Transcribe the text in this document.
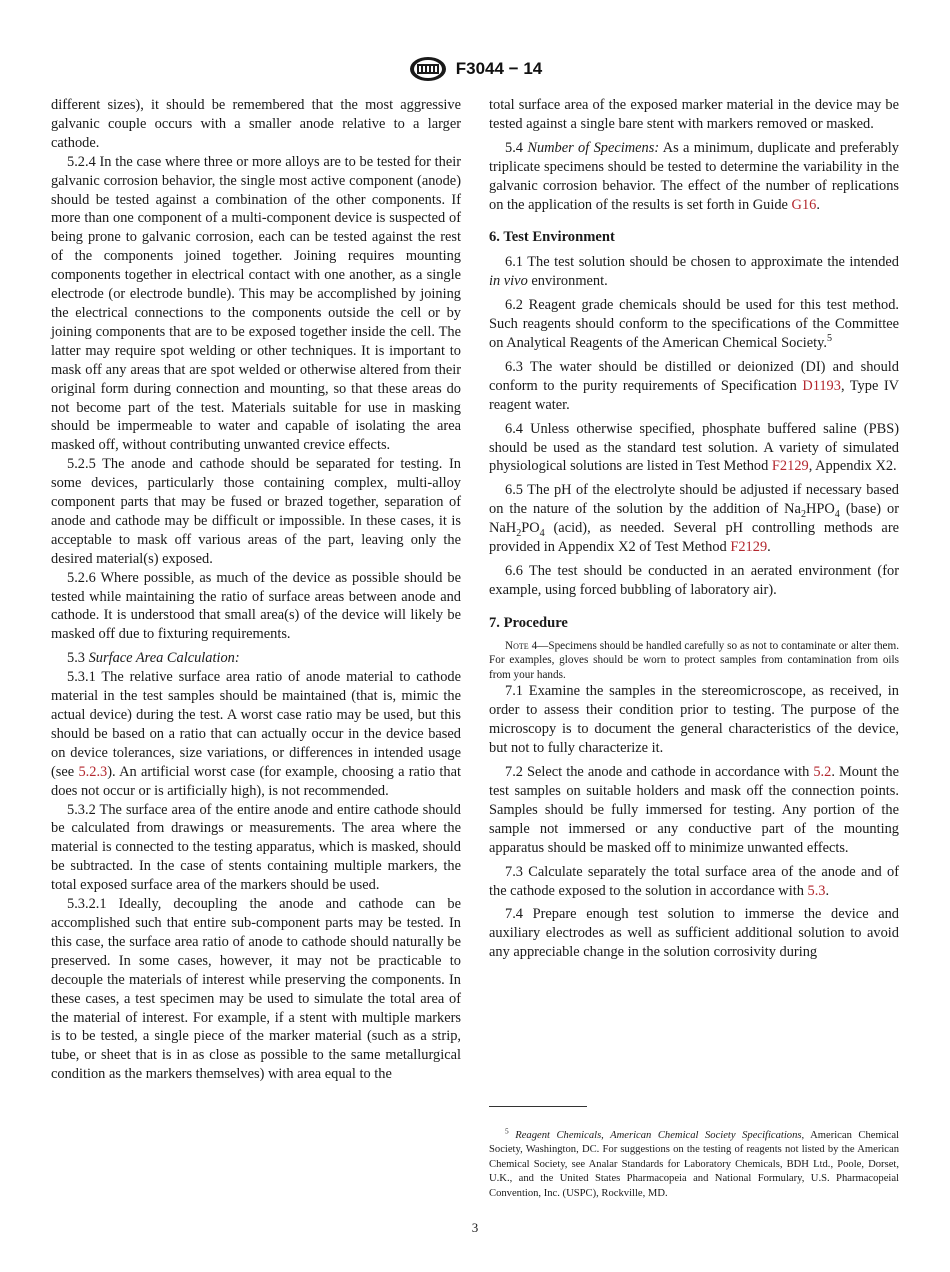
F3044 − 14

different sizes), it should be remembered that the most aggressive galvanic couple occurs with a smaller anode relative to a larger cathode.

5.2.4 In the case where three or more alloys are to be tested for their galvanic corrosion behavior, the single most active component (anode) should be tested against a combination of the other components. If more than one component of a multi-component device is suspected of being prone to galvanic corrosion, each can be tested against the rest of the components joined together. Joining requires mounting components together in electrical contact with one another, as a single electrode (or electrode bundle). This may be accomplished by joining the electrical connections to the components outside the cell or by joining components that are to be exposed together inside the cell. The latter may require spot welding or other techniques. It is important to mask off any areas that are spot welded or otherwise altered from their original form during connection and mounting, so that these areas do not become part of the test. Materials suitable for use in masking should be impermeable to water and capable of isolating the area masked off, without contributing unwanted crevice effects.

5.2.5 The anode and cathode should be separated for testing. In some devices, particularly those containing complex, multi-alloy component parts that may be fused or brazed together, separation of anode and cathode may be difficult or impossible. In these cases, it is acceptable to mask off various areas of the part, leaving only the desired material(s) exposed.

5.2.6 Where possible, as much of the device as possible should be tested while maintaining the ratio of surface areas between anode and cathode. It is understood that small area(s) of the device will likely be masked off due to fixturing requirements.

5.3 Surface Area Calculation:

5.3.1 The relative surface area ratio of anode material to cathode material in the test samples should be maintained (that is, mimic the actual device) during the test. A worst case ratio may be used, but this should be based on a ratio that can actually occur in the device based on device tolerances, size variations, or differences in intended usage (see 5.2.3). An artificial worst case (for example, choosing a ratio that does not occur or is artificially high), is not recommended.

5.3.2 The surface area of the entire anode and entire cathode should be calculated from drawings or measurements. The area where the material is connected to the testing apparatus, which is masked, should be subtracted. In the case of stents containing multiple markers, the total exposed surface area of the markers should be used.

5.3.2.1 Ideally, decoupling the anode and cathode can be accomplished such that entire sub-component parts may be tested. In this case, the surface area ratio of anode to cathode should naturally be preserved. In some cases, however, it may not be practicable to decouple the materials of interest while preserving the components. In these cases, a test specimen may be used to simulate the total area of the material of interest. For example, if a stent with multiple markers is to be tested, a single piece of the marker material (such as a strip, tube, or sheet that is in as close as possible to the same metallurgical condition as the markers themselves) with area equal to the

total surface area of the exposed marker material in the device may be tested against a single bare stent with markers removed or masked.

5.4 Number of Specimens: As a minimum, duplicate and preferably triplicate specimens should be tested to determine the variability in the galvanic corrosion behavior. The effect of the number of replications on the application of the results is set forth in Guide G16.

6. Test Environment

6.1 The test solution should be chosen to approximate the intended in vivo environment.

6.2 Reagent grade chemicals should be used for this test method. Such reagents should conform to the specifications of the Committee on Analytical Reagents of the American Chemical Society.$^5$

6.3 The water should be distilled or deionized (DI) and should conform to the purity requirements of Specification D1193, Type IV reagent water.

6.4 Unless otherwise specified, phosphate buffered saline (PBS) should be used as the standard test solution. A variety of simulated physiological solutions are listed in Test Method F2129, Appendix X2.

6.5 The pH of the electrolyte should be adjusted if necessary based on the nature of the solution by the addition of $Na_2HPO_4$ (base) or $NaH_2PO_4$ (acid), as needed. Several pH controlling methods are provided in Appendix X2 of Test Method F2129.

6.6 The test should be conducted in an aerated environment (for example, using forced bubbling of laboratory air).

7. Procedure

Note 4—Specimens should be handled carefully so as not to contaminate or alter them. For examples, gloves should be worn to protect samples from contamination from oils from your hands.

7.1 Examine the samples in the stereomicroscope, as received, in order to assess their condition prior to testing. The purpose of the microscopy is to document the general characteristics of the device, but not to fully characterize it.

7.2 Select the anode and cathode in accordance with 5.2. Mount the test samples on suitable holders and mask off the connection points. Samples should be fully immersed for testing. Any portion of the sample not immersed or any conductive part of the mounting apparatus should be masked off to minimize unwanted effects.

7.3 Calculate separately the total surface area of the anode and of the cathode exposed to the solution in accordance with 5.3.

7.4 Prepare enough test solution to immerse the device and auxiliary electrodes as well as sufficient additional solution to avoid any appreciable change in the solution corrosivity during

$^5$ Reagent Chemicals, American Chemical Society Specifications, American Chemical Society, Washington, DC. For suggestions on the testing of reagents not listed by the American Chemical Society, see Analar Standards for Laboratory Chemicals, BDH Ltd., Poole, Dorset, U.K., and the United States Pharmacopeia and National Formulary, U.S. Pharmacopeial Convention, Inc. (USPC), Rockville, MD.

3
